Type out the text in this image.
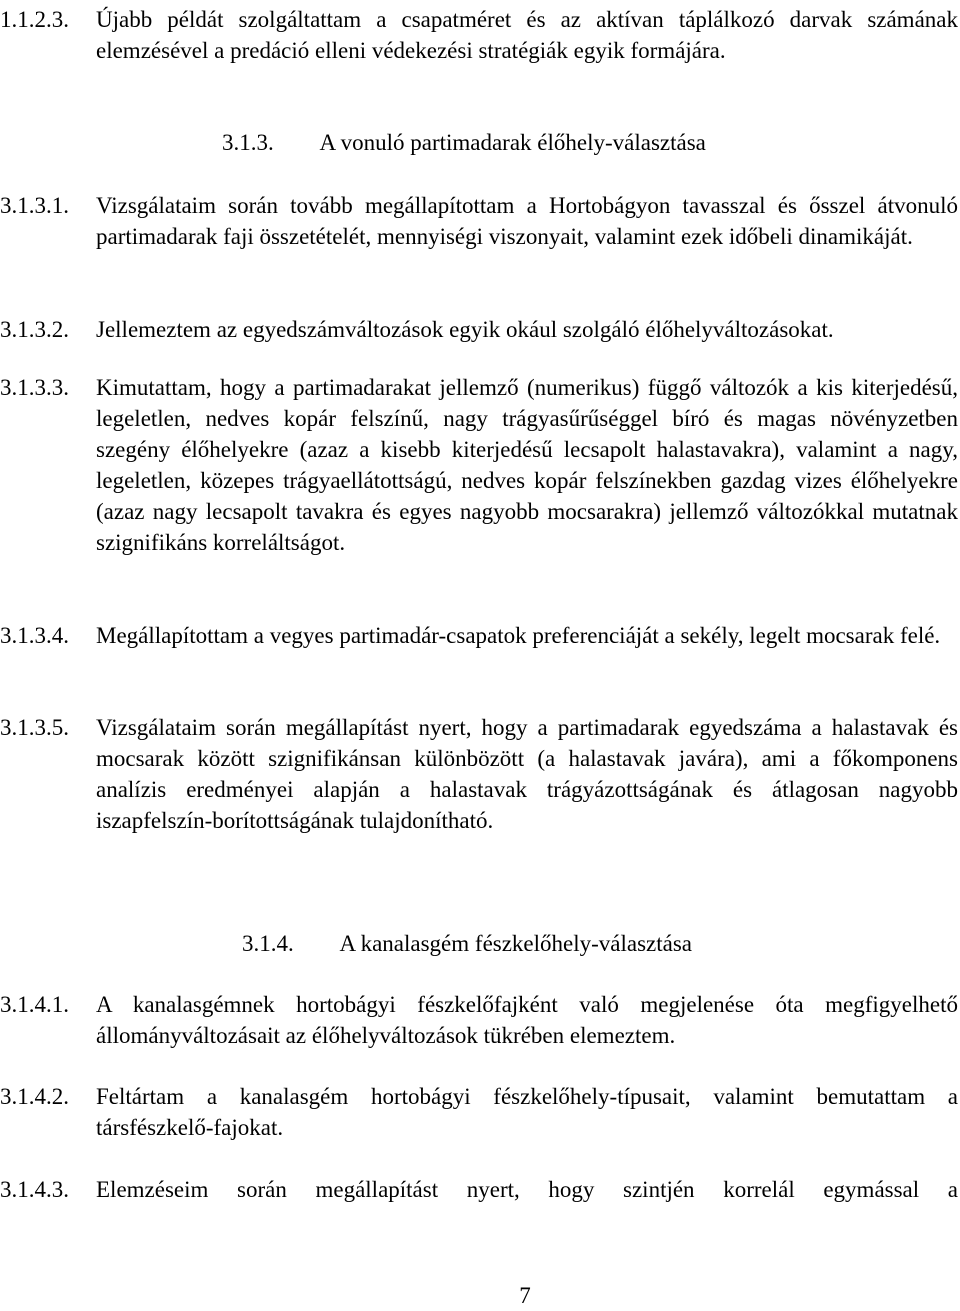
1.1.2.3. Újabb példát szolgáltattam a csapatméret és az aktívan táplálkozó darvak számának elemzésével a predáció elleni védekezési stratégiák egyik formájára.
3.1.3. A vonuló partimadarak élőhely-választása
3.1.3.1. Vizsgálataim során tovább megállapítottam a Hortobágyon tavasszal és ősszel átvonuló partimadarak faji összetételét, mennyiségi viszonyait, valamint ezek időbeli dinamikáját.
3.1.3.2. Jellemeztem az egyedszámváltozások egyik okául szolgáló élőhelyváltozásokat.
3.1.3.3. Kimutattam, hogy a partimadarakat jellemző (numerikus) függő változók a kis kiterjedésű, legeletlen, nedves kopár felszínű, nagy trágyasűrűséggel bíró és magas növényzetben szegény élőhelyekre (azaz a kisebb kiterjedésű lecsapolt halastavakra), valamint a nagy, legeletlen, közepes trágyaellátottságú, nedves kopár felszínekben gazdag vizes élőhelyekre (azaz nagy lecsapolt tavakra és egyes nagyobb mocsarakra) jellemző változókkal mutatnak szignifikáns korreláltságot.
3.1.3.4. Megállapítottam a vegyes partimadár-csapatok preferenciáját a sekély, legelt mocsarak felé.
3.1.3.5. Vizsgálataim során megállapítást nyert, hogy a partimadarak egyedszáma a halastavak és mocsarak között szignifikánsan különbözött (a halastavak javára), ami a főkomponens analízis eredményei alapján a halastavak trágyázottságának és átlagosan nagyobb iszapfelszín-borítottságának tulajdonítható.
3.1.4. A kanalasgém fészkelőhely-választása
3.1.4.1. A kanalasgémnek hortobágyi fészkelőfajként való megjelenése óta megfigyelhető állományváltozásait az élőhelyváltozások tükrében elemeztem.
3.1.4.2. Feltártam a kanalasgém hortobágyi fészkelőhely-típusait, valamint bemutattam a társfészkelő-fajokat.
3.1.4.3. Elemzéseim során megállapítást nyert, hogy szintjén korrelál egymással a
7
